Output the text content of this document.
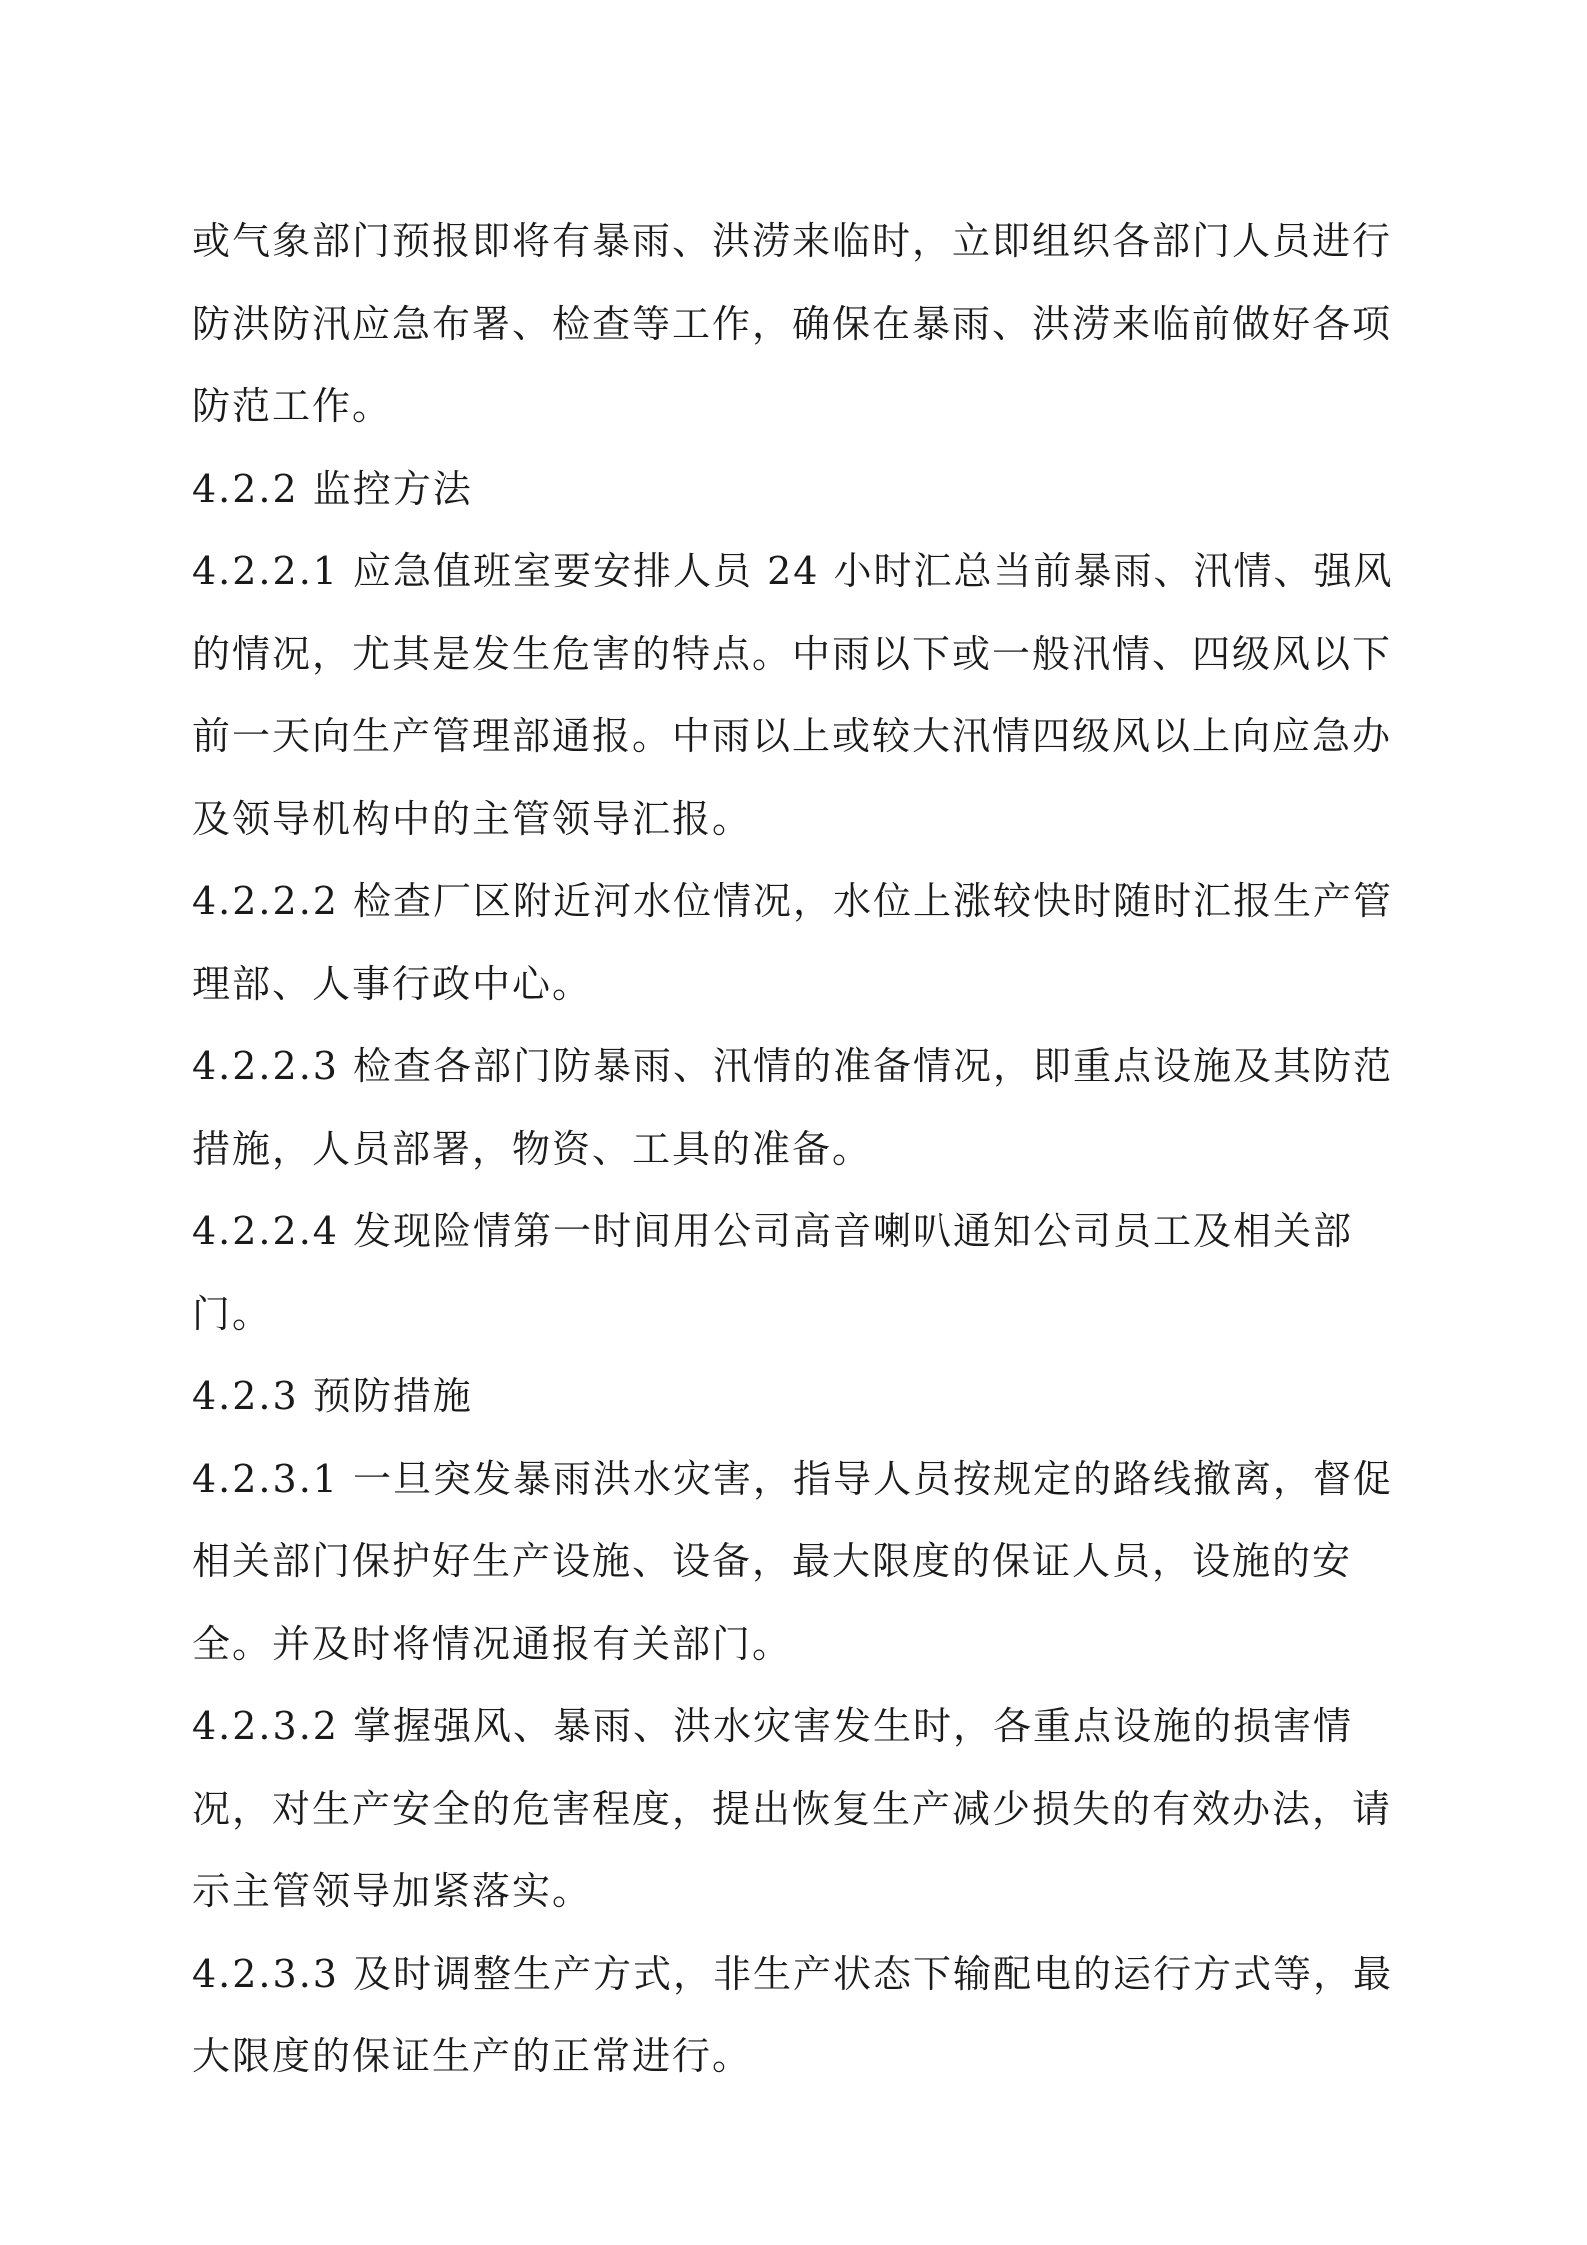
或气象部门预报即将有暴雨、洪涝来临时，立即组织各部门人员进行防洪防汛应急布署、检查等工作，确保在暴雨、洪涝来临前做好各项防范工作。

4.2.2 监控方法

4.2.2.1 应急值班室要安排人员 24 小时汇总当前暴雨、汛情、强风的情况，尤其是发生危害的特点。中雨以下或一般汛情、四级风以下前一天向生产管理部通报。中雨以上或较大汛情四级风以上向应急办及领导机构中的主管领导汇报。

4.2.2.2 检查厂区附近河水位情况，水位上涨较快时随时汇报生产管理部、人事行政中心。

4.2.2.3 检查各部门防暴雨、汛情的准备情况，即重点设施及其防范措施，人员部署，物资、工具的准备。

4.2.2.4 发现险情第一时间用公司高音喇叭通知公司员工及相关部门。

4.2.3 预防措施

4.2.3.1 一旦突发暴雨洪水灾害，指导人员按规定的路线撤离，督促相关部门保护好生产设施、设备，最大限度的保证人员，设施的安全。并及时将情况通报有关部门。

4.2.3.2 掌握强风、暴雨、洪水灾害发生时，各重点设施的损害情况，对生产安全的危害程度，提出恢复生产减少损失的有效办法，请示主管领导加紧落实。

4.2.3.3 及时调整生产方式，非生产状态下输配电的运行方式等，最大限度的保证生产的正常进行。
